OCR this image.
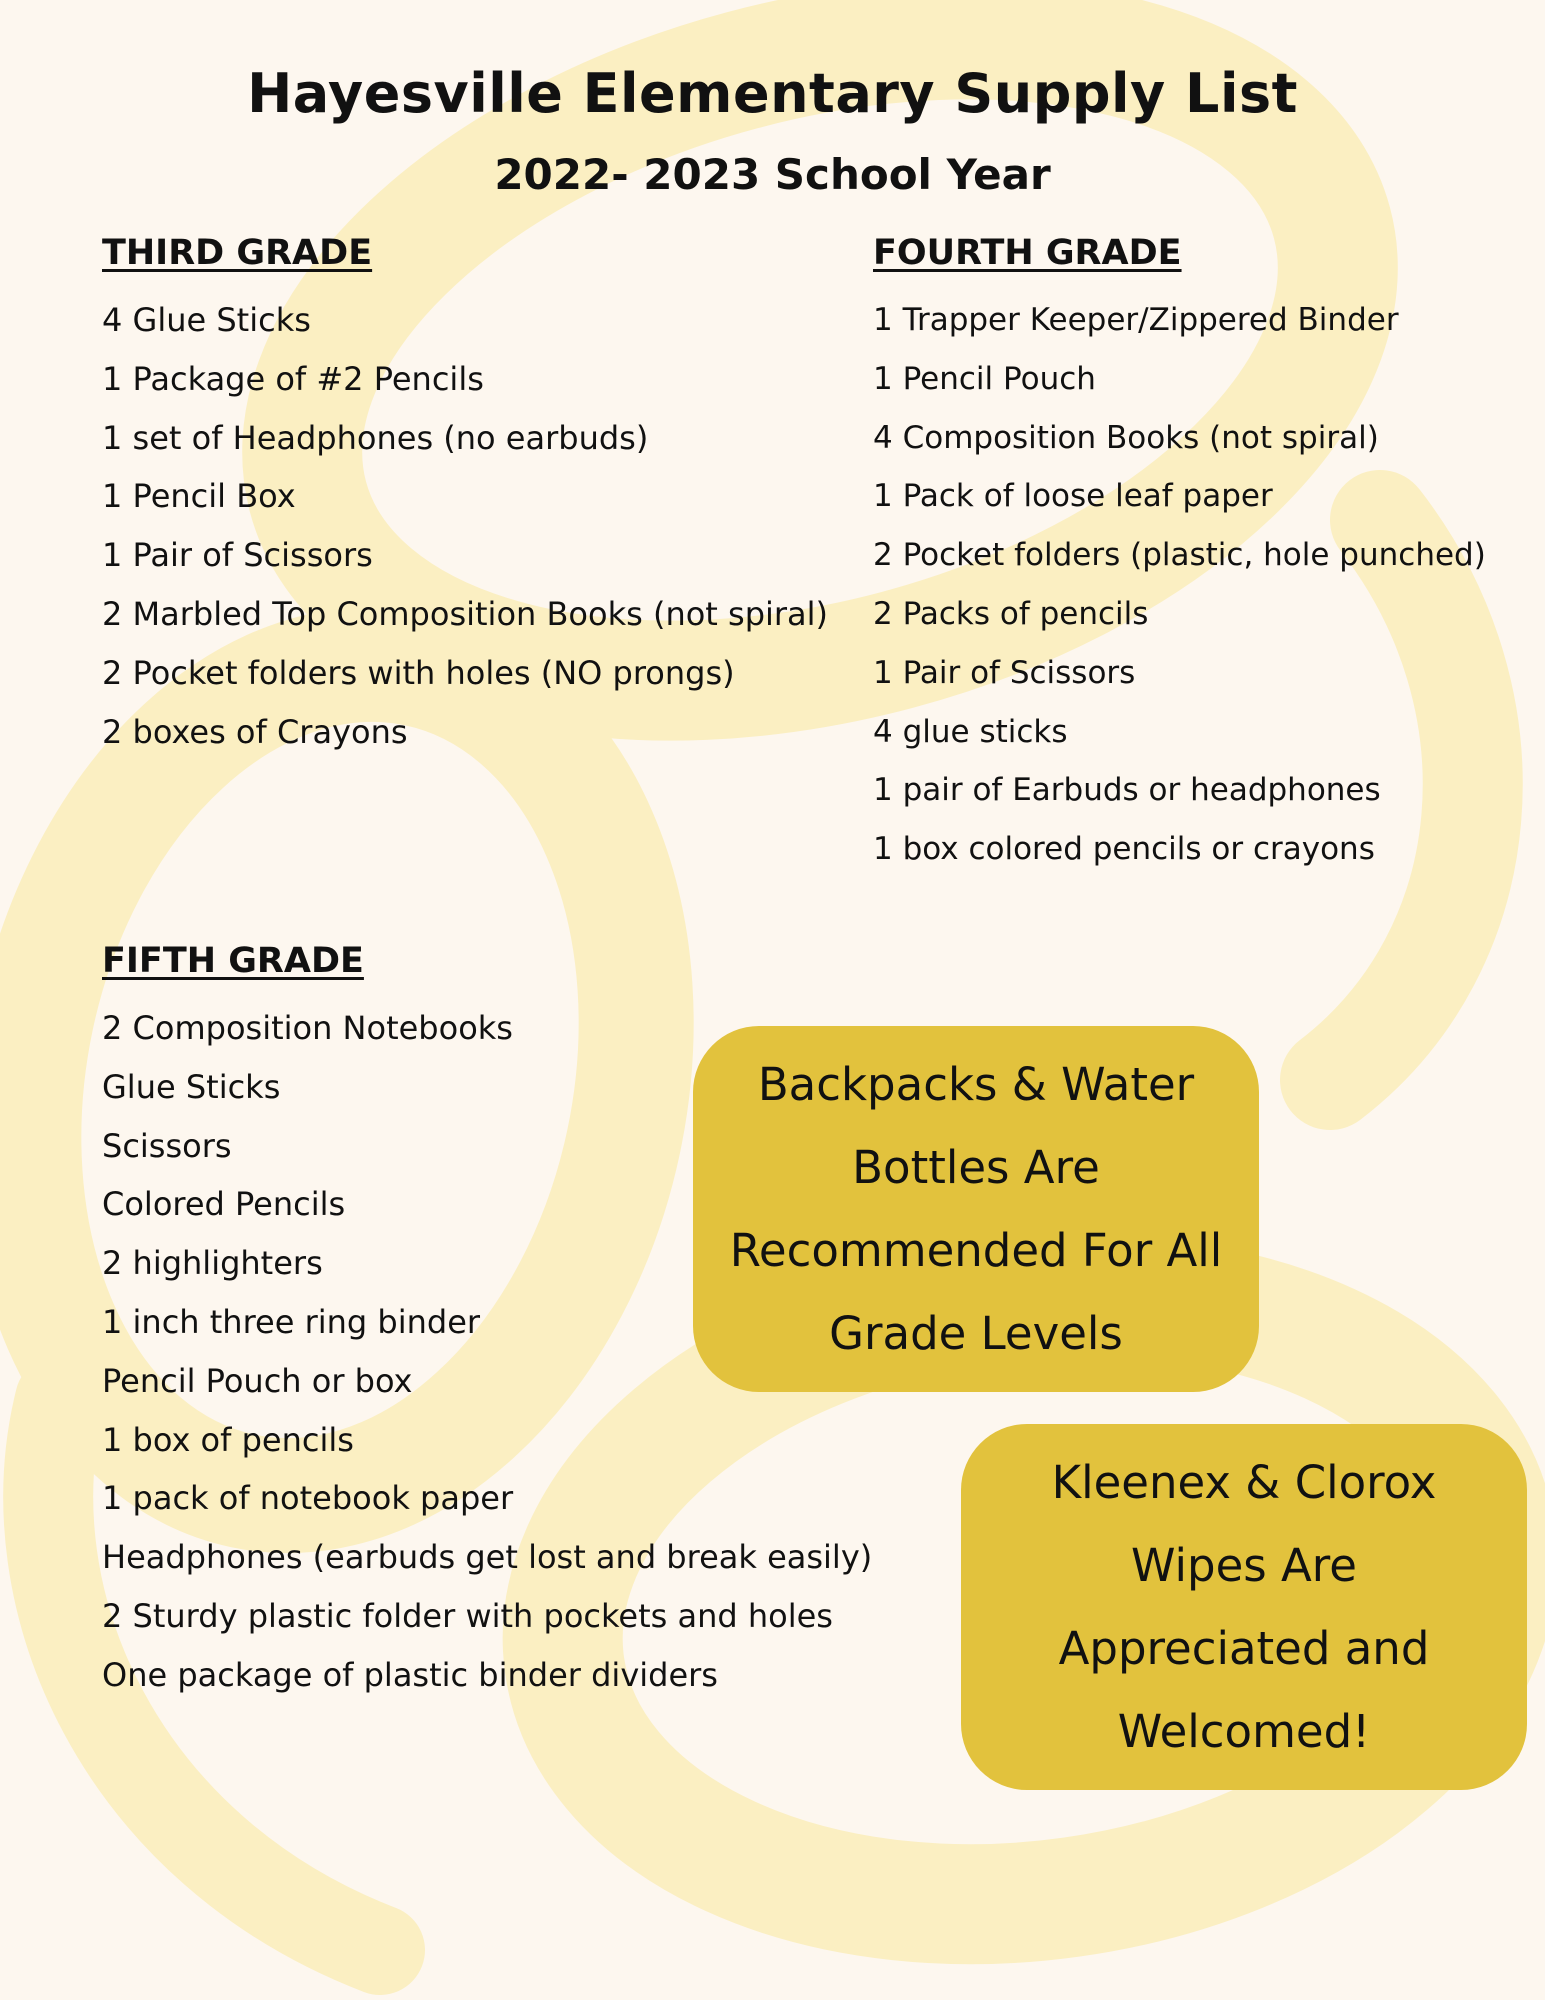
Hayesville Elementary Supply List
2022- 2023 School Year
THIRD GRADE
4 Glue Sticks
1 Package of #2 Pencils
1 set of Headphones (no earbuds)
1 Pencil Box
1 Pair of Scissors
2 Marbled Top Composition Books (not spiral)
2 Pocket folders with holes (NO prongs)
2 boxes of Crayons
FOURTH GRADE
1 Trapper Keeper/Zippered Binder
1 Pencil Pouch
4 Composition Books (not spiral)
1 Pack of loose leaf paper
2 Pocket folders (plastic, hole punched)
2 Packs of pencils
1 Pair of Scissors
4 glue sticks
1 pair of Earbuds or headphones
1 box colored pencils or crayons
FIFTH GRADE
2 Composition Notebooks
Glue Sticks
Scissors
Colored Pencils
2 highlighters
1 inch three ring binder
Pencil Pouch or box
1 box of pencils
1 pack of notebook paper
Headphones (earbuds get lost and break easily)
2 Sturdy plastic folder with pockets and holes
One package of plastic binder dividers
Backpacks & Water
Bottles Are
Recommended For All
Grade Levels
Kleenex & Clorox
Wipes Are
Appreciated and
Welcomed!
